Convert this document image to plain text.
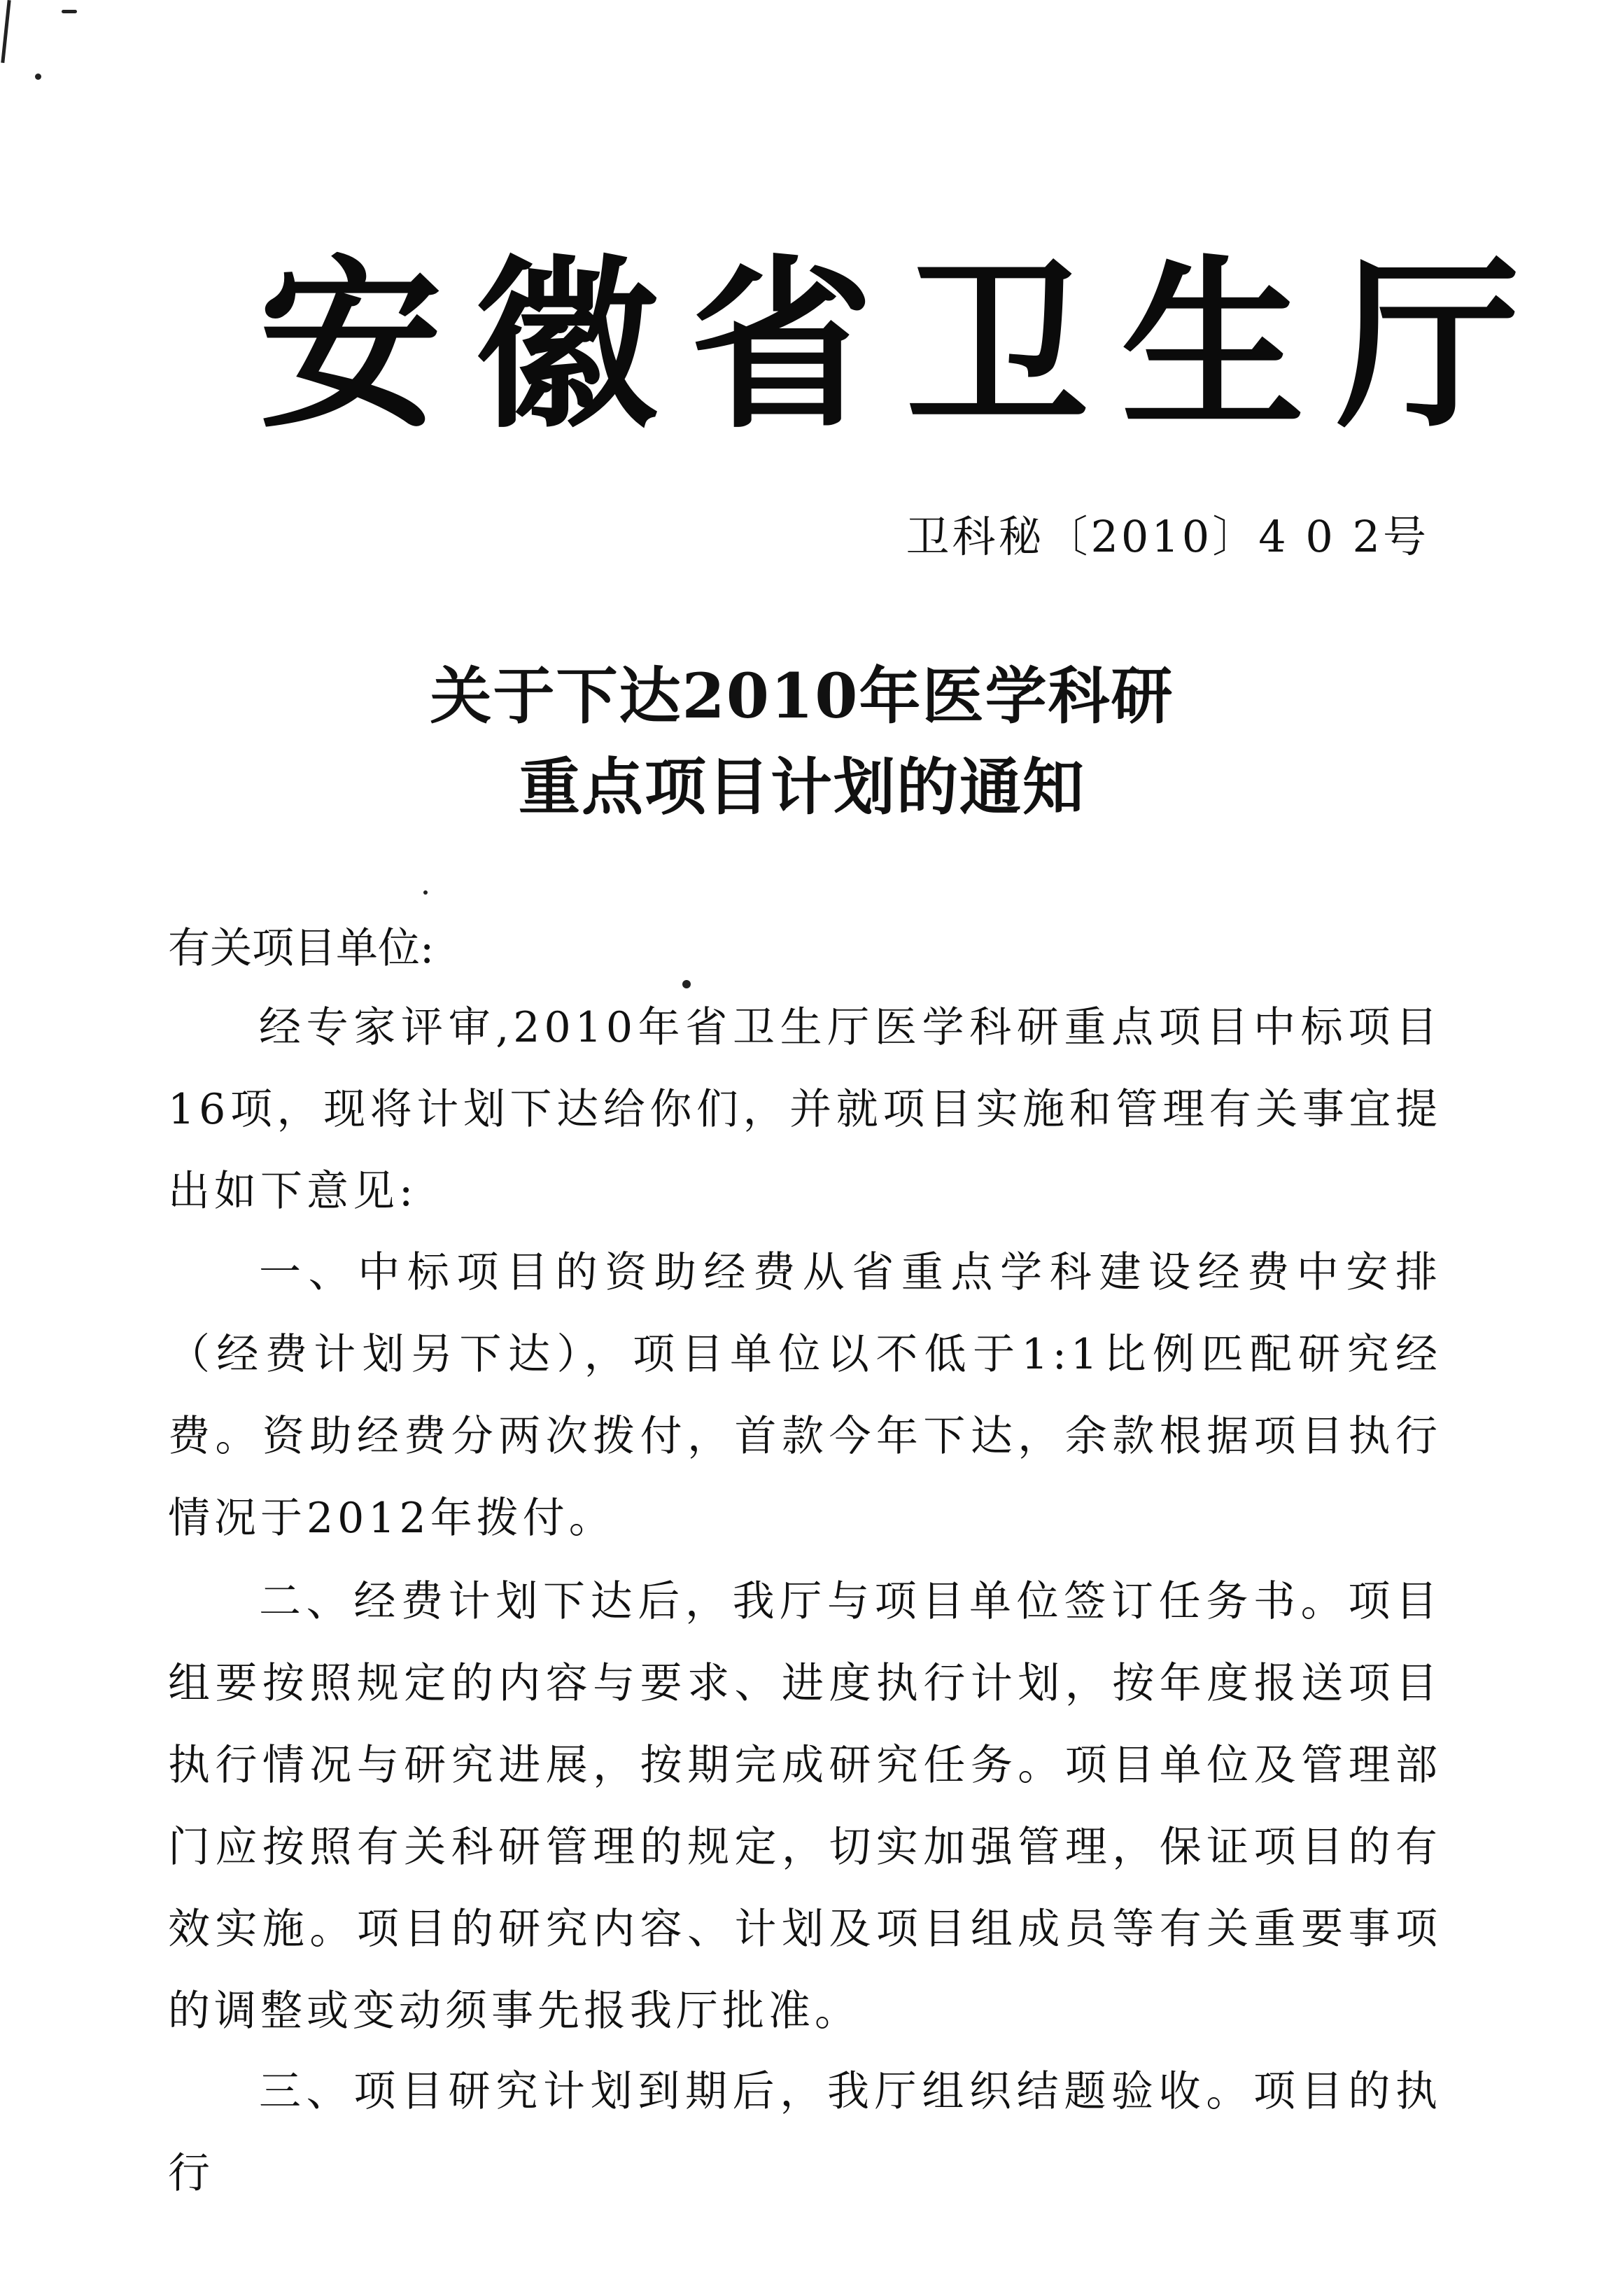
安徽省卫生厅
卫科秘〔2010〕4 0 2号
关于下达2010年医学科研
重点项目计划的通知
有关项目单位:

经专家评审,2010年省卫生厅医学科研重点项目中标项目16项，现将计划下达给你们，并就项目实施和管理有关事宜提出如下意见:

一、中标项目的资助经费从省重点学科建设经费中安排（经费计划另下达），项目单位以不低于1:1比例匹配研究经费。资助经费分两次拨付，首款今年下达，余款根据项目执行情况于2012年拨付。

二、经费计划下达后，我厅与项目单位签订任务书。项目组要按照规定的内容与要求、进度执行计划，按年度报送项目执行情况与研究进展，按期完成研究任务。项目单位及管理部门应按照有关科研管理的规定，切实加强管理，保证项目的有效实施。项目的研究内容、计划及项目组成员等有关重要事项的调整或变动须事先报我厅批准。

三、项目研究计划到期后，我厅组织结题验收。项目的执行
